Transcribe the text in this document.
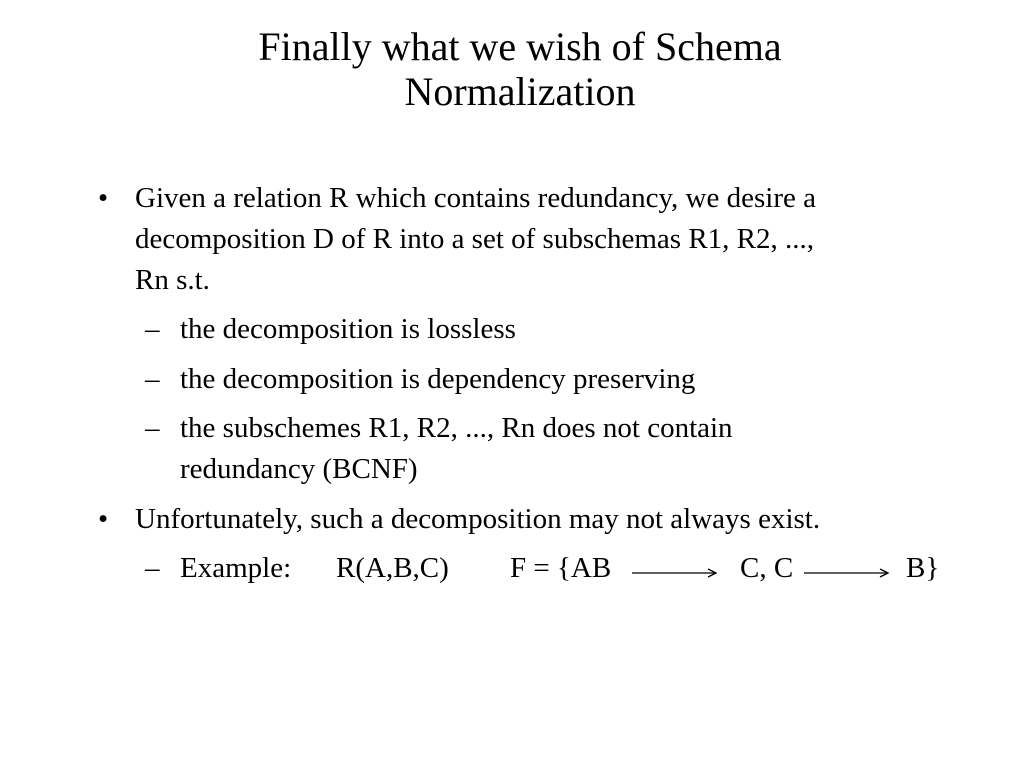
Finally what we wish of Schema
Normalization
• Given a relation R which contains redundancy, we desire a
decomposition D of R into a set of subschemas R1, R2, ...,
Rn s.t.
– the decomposition is lossless
– the decomposition is dependency preserving
– the subschemes R1, R2, ..., Rn does not contain
redundancy (BCNF)
• Unfortunately, such a decomposition may not always exist.
– Example: R(A,B,C) F = {AB	C, C	B}
